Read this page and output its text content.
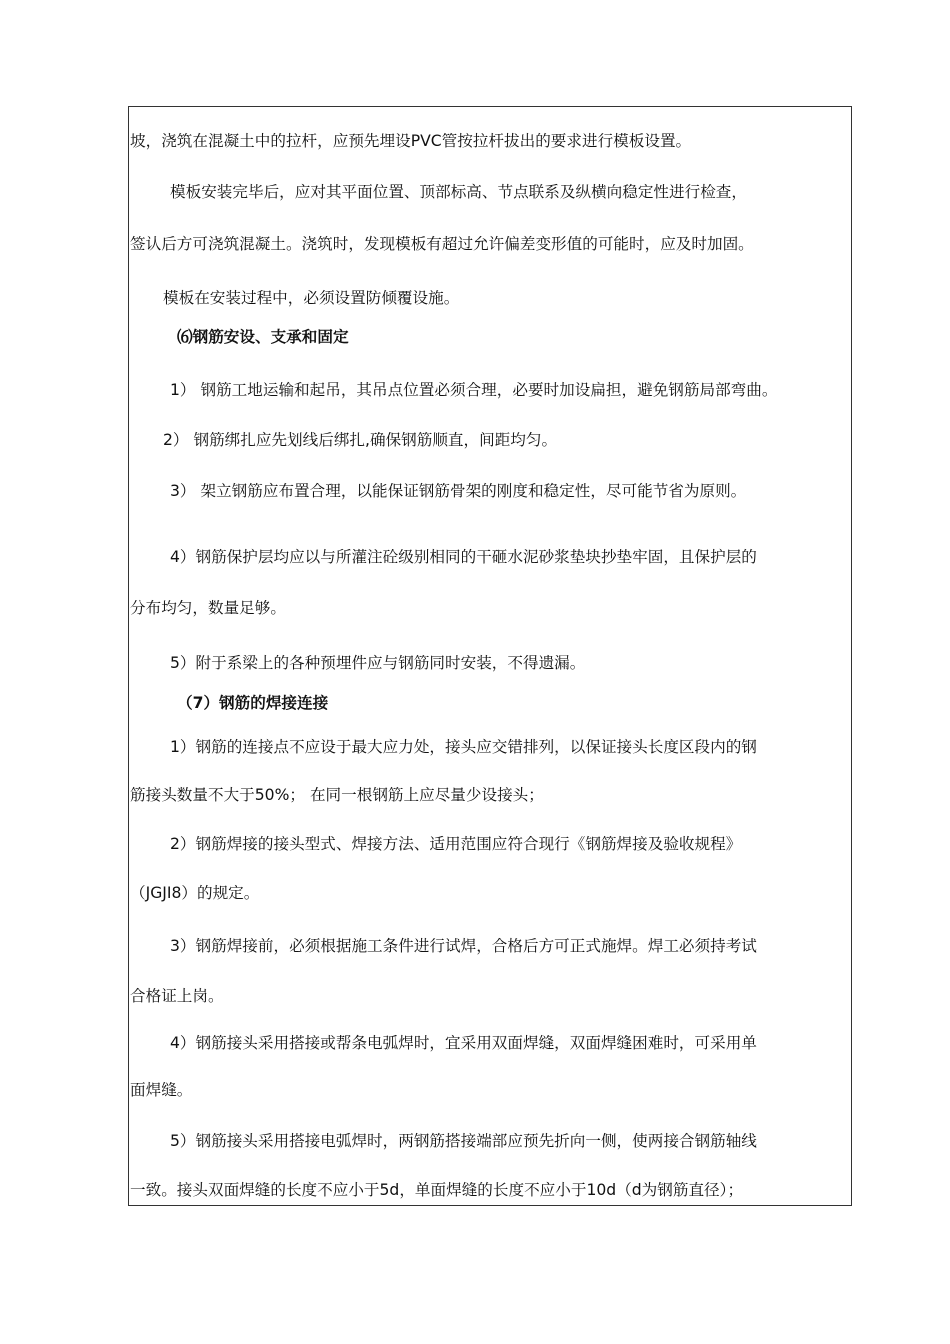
坡，浇筑在混凝土中的拉杆，应预先埋设PVC管按拉杆拔出的要求进行模板设置。
模板安装完毕后，应对其平面位置、顶部标高、节点联系及纵横向稳定性进行检查，
签认后方可浇筑混凝土。浇筑时，发现模板有超过允许偏差变形值的可能时，应及时加固。
模板在安装过程中，必须设置防倾覆设施。
⑹钢筋安设、支承和固定
1） 钢筋工地运输和起吊，其吊点位置必须合理，必要时加设扁担，避免钢筋局部弯曲。
2） 钢筋绑扎应先划线后绑扎,确保钢筋顺直，间距均匀。
3） 架立钢筋应布置合理，以能保证钢筋骨架的刚度和稳定性，尽可能节省为原则。
4）钢筋保护层均应以与所灌注砼级别相同的干砸水泥砂浆垫块抄垫牢固，且保护层的
分布均匀，数量足够。
5）附于系梁上的各种预埋件应与钢筋同时安装，不得遗漏。
（7）钢筋的焊接连接
1）钢筋的连接点不应设于最大应力处，接头应交错排列，以保证接头长度区段内的钢
筋接头数量不大于50%； 在同一根钢筋上应尽量少设接头；
2）钢筋焊接的接头型式、焊接方法、适用范围应符合现行《钢筋焊接及验收规程》
（JGJI8）的规定。
3）钢筋焊接前，必须根据施工条件进行试焊，合格后方可正式施焊。焊工必须持考试
合格证上岗。
4）钢筋接头采用搭接或帮条电弧焊时，宜采用双面焊缝，双面焊缝困难时，可采用单
面焊缝。
5）钢筋接头采用搭接电弧焊时，两钢筋搭接端部应预先折向一侧，使两接合钢筋轴线
一致。接头双面焊缝的长度不应小于5d，单面焊缝的长度不应小于10d（d为钢筋直径）；
